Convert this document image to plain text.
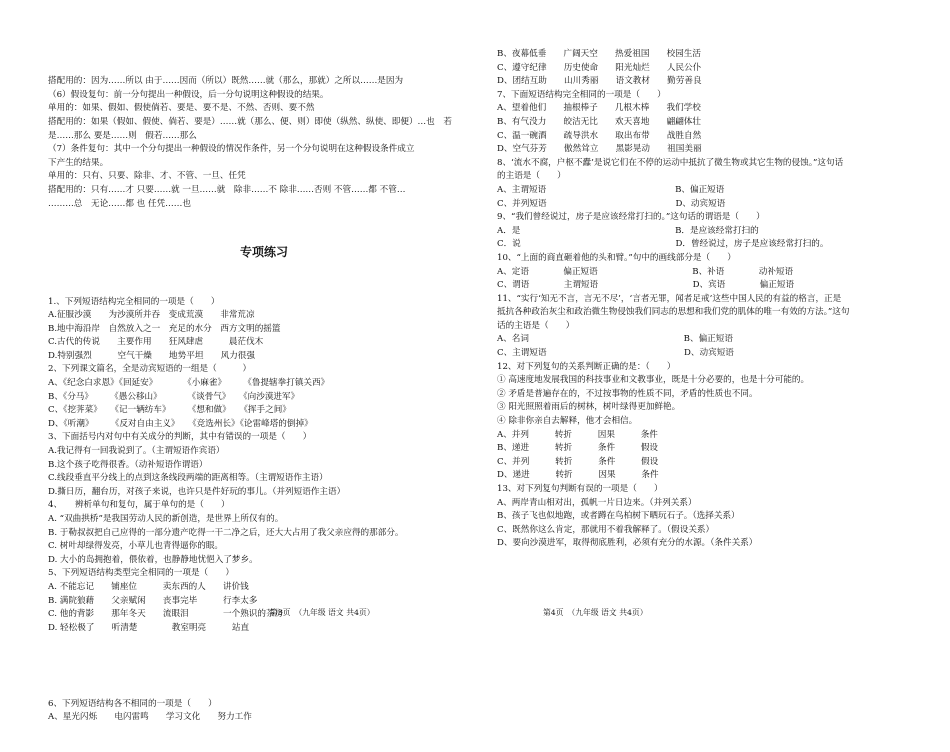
搭配用的：因为……所以 由于……因而（所以）既然……就（那么，那就）之所以……是因为
（6）假设复句：前一分句提出一种假设，后一分句说明这种假设的结果。
单用的：如果、假如、假使倘若、要是、要不是、不然、否则、要不然
搭配用的：如果（假如、假使、倘若、要是）……就（那么、便、则）即使（纵然、纵使、即便）…也　若
是……那么 要是……则　假若……那么
（7）条件复句：其中一个分句提出一种假设的情况作条件，另一个分句说明在这种假设条件成立
下产生的结果。
单用的：只有、只要、除非、才、不管、一旦、任凭
搭配用的：只有……才 只要……就 一旦……就　除非……不 除非……否则 不管……都 不管…
………总　无论……都 也 任凭……也

专项练习

1.、下列短语结构完全相同的一项是（　　）
A.征服沙漠　　为沙漠所并吞　变成荒漠　　非常荒凉
B.地中海沿岸　自然放入之一　充足的水分　西方文明的摇篮
C.古代的传说　　主要作用　　狂风肆虐　　　晨茫伐木
D.特别强烈　　　空气干燥　　地势平坦　　风力很强
2、下列课文篇名，全是动宾短语的一组是（　　　）
A、《纪念白求恩》《回延安》　　　　《小麻雀》　　　《鲁提辖拳打镇关西》
B、《分马》　　　《愚公移山》　　　　《谈骨气》　　《向沙漠进军》
C、《挖荠菜》　　《记一辆纺车》　　　《想和做》　　《挥手之间》
D、《听潮》　　　《反对自由主义》　　《竞选州长》《论雷峰塔的倒掉》
3、下面括号内对句中有关成分的判断，其中有错误的一项是（　　）
A.我记得有一回我说到了。（主谓短语作宾语）
B.这个孩子吃得很香。（动补短语作谓语）
C.线段垂直平分线上的点到这条线段两端的距离相等。（主谓短语作主语）
D.撕日历，翻台历，对孩子来说，也许只是件好玩的事儿。（并列短语作主语）
4、　　辨析单句和复句，属于单句的是（　　）
A. “双曲拱桥”是我国劳动人民的新创造，是世界上所仅有的。
B. 于勒叔叔把自己应得的一部分遗产吃得一干二净之后，还大大占用了我父亲应得的那部分。
C. 树叶却绿得发亮，小草儿也青得逼你的眼。
D. 大小的岛拥抱着，偎依着，也静静地忧悒入了梦乡。
5、下列短语结构类型完全相同的一项是（　　）
A. 不能忘记　　铺座位　　　卖东西的人　　讲价钱
B. 满院狼藉　　父亲赋闲　　丧事完毕　　　行李太多
C. 他的背影　　那年冬天　　流眼泪　　　　一个熟识的茶房
D. 轻松极了　　听清楚　　　　教室明亮　　　站直

6、下列短语结构各不相同的一项是（　　）
A、星光闪烁　　电闪雷鸣　　学习文化　　努力工作

B、夜幕低垂　　广阔天空　　热爱祖国　　校园生活
C、遵守纪律　　历史使命　　阳光灿烂　　人民公仆
D、团结互助　　山川秀丽　　语文教材　　勤劳善良
7、下面短语结构完全相同的一项是（　　）
A、望着他们　　抽根棒子　　几根木棒　　我们学校
B、有气没力　　皎洁无比　　欢天喜地　　翩翩体壮
C、温一碗酒　　疏导洪水　　取出布带　　战胜自然
D、空气芬芳　　傲然耸立　　黑影晃动　　祖国美丽
8、‘流水不腐，户枢不蠹’是说它们在不停的运动中抵抗了微生物或其它生物的侵蚀。”这句话
的主语是（　　）
A、主谓短语　　　　　　　　　　　　　　　B、偏正短语
C、并列短语　　　　　　　　　　　　　　　D、动宾短语
9、“我们曾经说过，房子是应该经常打扫的。”这句话的谓语是（　　）
A．是　　　　　　　　　　　　　　　　　　B．是应该经常打扫的
C．说　　　　　　　　　　　　　　　　　　D．曾经说过，房子是应该经常打扫的。
10、“上面的商直砸着他的头和臂。”句中的画线部分是（　　）
A、定语　　　　偏正短语　　　　　　　　　　　B、补语　　　　动补短语
C、谓语　　　　主谓短语　　　　　　　　　　　D、宾语　　　　偏正短语
11、“实行‘知无不言，言无不尽’，‘言者无罪，闻者足戒’这些中国人民的有益的格言，正是
抵抗各种政治灰尘和政治微生物侵蚀我们同志的思想和我们党的肌体的唯一有效的方法。”这句
话的主语是（　　）
A、名词　　　　　　　　　　　　　　　　　　B、偏正短语
C、主谓短语　　　　　　　　　　　　　　　　D、动宾短语
12、对下列复句的关系判断正确的是：（　　）
① 高速度地发展我国的科技事业和文教事业，既是十分必要的，也是十分可能的。
② 矛盾是普遍存在的，不过按事物的性质不同，矛盾的性质也不同。
③ 阳光照照着雨后的树林，树叶绿得更加鲜艳。
④ 除非你亲自去解释，他才会相信。
A、并列　　　转折　　　因果　　　条件
B、递进　　　转折　　　条件　　　假设
C、并列　　　转折　　　条件　　　假设
D、递进　　　转折　　　因果　　　条件
13、对下列复句判断有误的一项是（　　）
A、两岸青山相对出，孤帆一片日边来。（并列关系）
B、孩子飞也似地跑，或者蹲在鸟柏树下晒玩石子。（选择关系）
C、既然你这么肯定，那就用不着我解释了。（假设关系）
D、要向沙漠进军，取得彻底胜利，必须有充分的水源。（条件关系）
第3页　（九年级 语文 共4页）	第4页　（九年级 语文 共4页）
